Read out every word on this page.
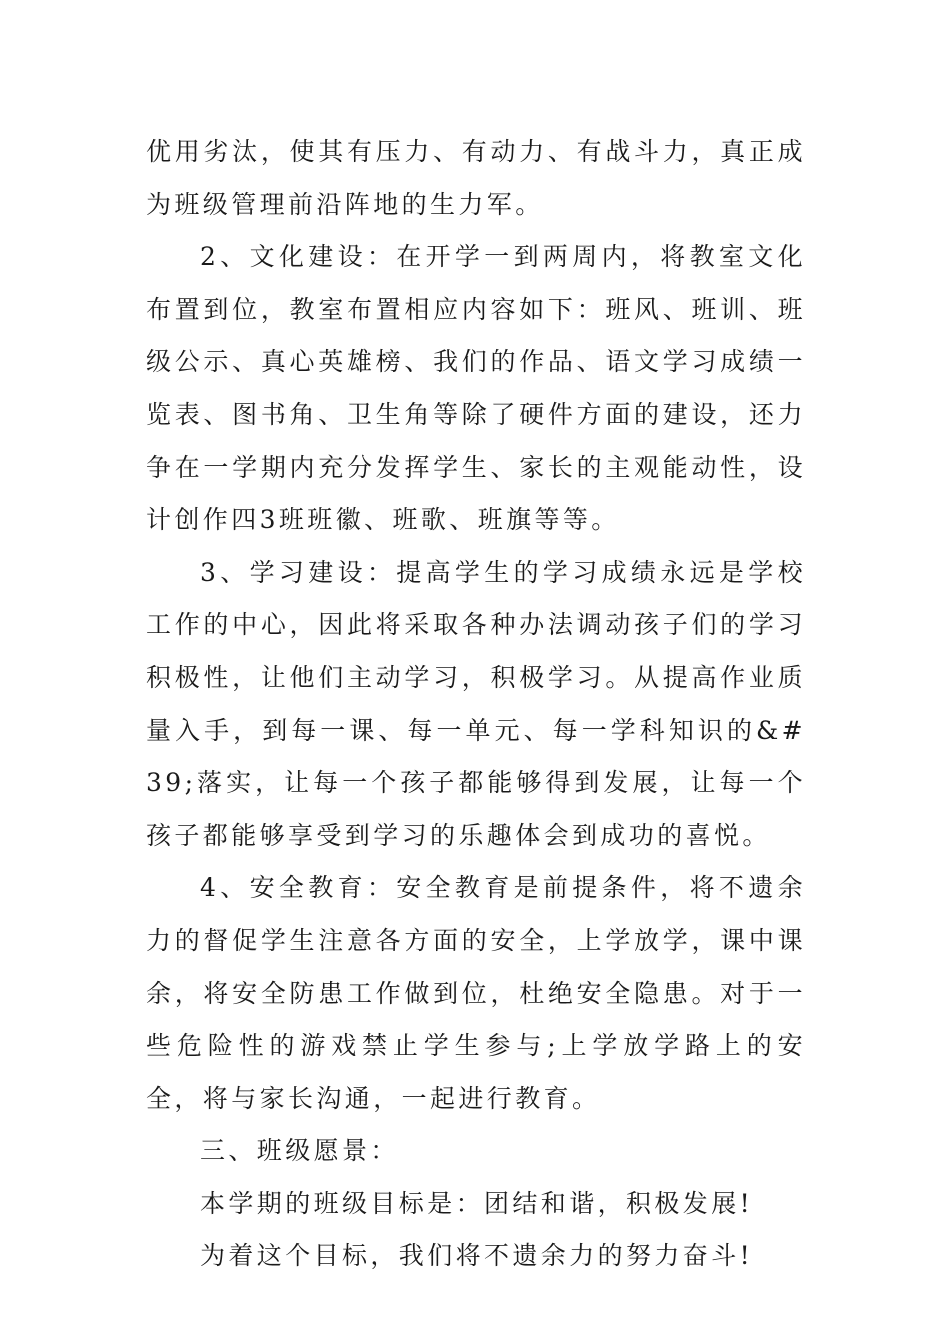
优用劣汰，使其有压力、有动力、有战斗力，真正成为班级管理前沿阵地的生力军。

2、文化建设：在开学一到两周内，将教室文化布置到位，教室布置相应内容如下：班风、班训、班级公示、真心英雄榜、我们的作品、语文学习成绩一览表、图书角、卫生角等除了硬件方面的建设，还力争在一学期内充分发挥学生、家长的主观能动性，设计创作四3班班徽、班歌、班旗等等。

3、学习建设：提高学生的学习成绩永远是学校工作的中心，因此将采取各种办法调动孩子们的学习积极性，让他们主动学习，积极学习。从提高作业质量入手，到每一课、每一单元、每一学科知识的&#39;落实，让每一个孩子都能够得到发展，让每一个孩子都能够享受到学习的乐趣体会到成功的喜悦。

4、安全教育：安全教育是前提条件，将不遗余力的督促学生注意各方面的安全，上学放学，课中课余，将安全防患工作做到位，杜绝安全隐患。对于一些危险性的游戏禁止学生参与;上学放学路上的安全，将与家长沟通，一起进行教育。

三、班级愿景：

本学期的班级目标是：团结和谐，积极发展!

为着这个目标，我们将不遗余力的努力奋斗!
